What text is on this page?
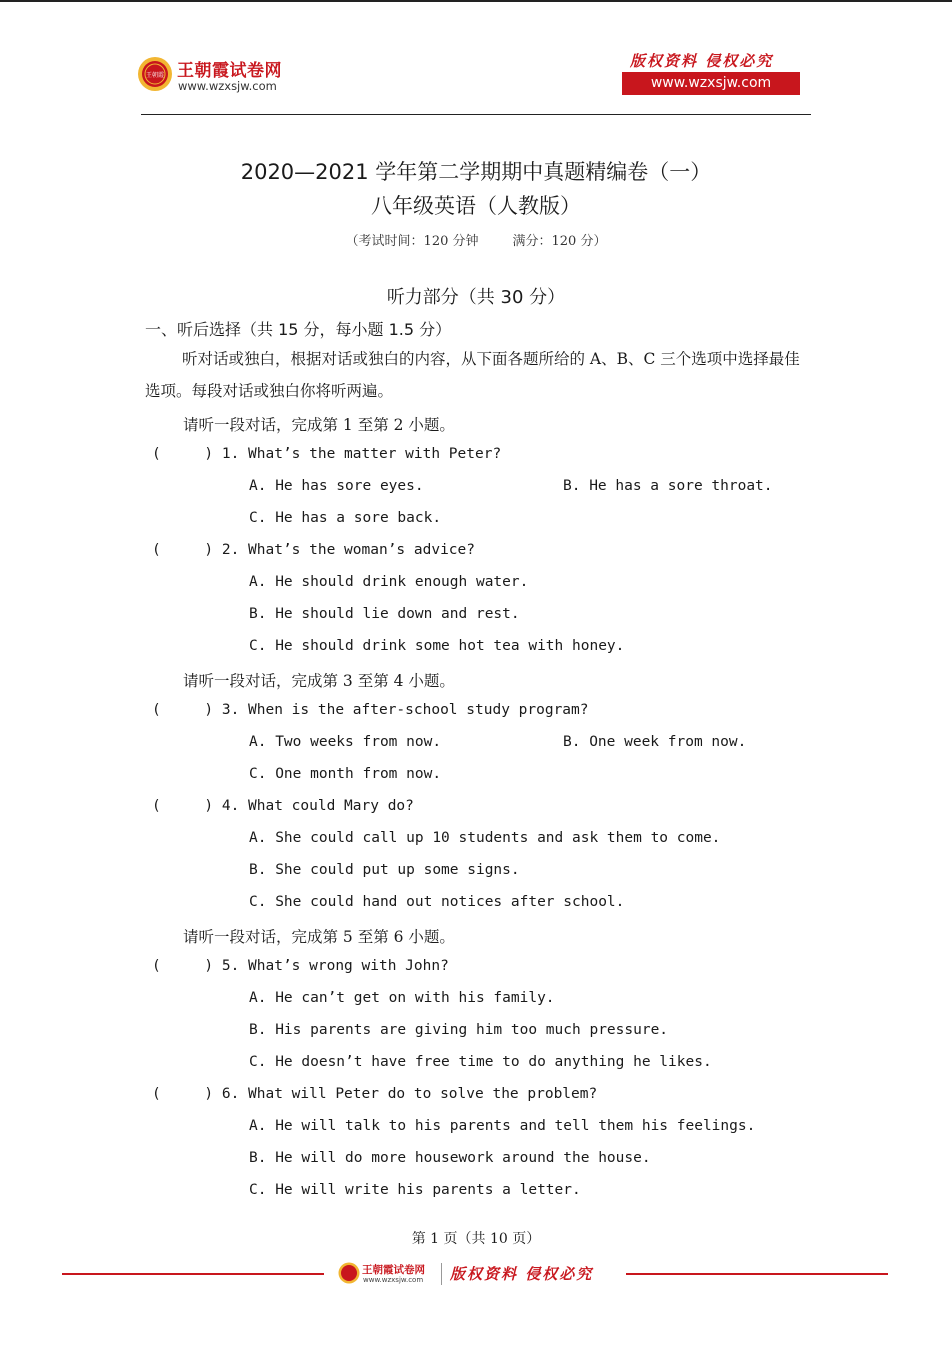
王朝霞 王朝霞试卷网
www.wzxsjw.com
版权资料 侵权必究
www.wzxsjw.com
2020—2021 学年第二学期期中真题精编卷（一）
八年级英语（人教版）
（考试时间：120 分钟	满分：120 分）
听力部分（共 30 分）
一、听后选择（共 15 分，每小题 1.5 分）
听对话或独白，根据对话或独白的内容，从下面各题所给的 A、B、C 三个选项中选择最佳选项。每段对话或独白你将听两遍。
请听一段对话，完成第 1 至第 2 小题。
(     ) 1. What’s the matter with Peter?
A. He has sore eyes.	B. He has a sore throat.
C. He has a sore back.
(     ) 2. What’s the woman’s advice?
A. He should drink enough water.
B. He should lie down and rest.
C. He should drink some hot tea with honey.
请听一段对话，完成第 3 至第 4 小题。
(     ) 3. When is the after-school study program?
A. Two weeks from now.	B. One week from now.
C. One month from now.
(     ) 4. What could Mary do?
A. She could call up 10 students and ask them to come.
B. She could put up some signs.
C. She could hand out notices after school.
请听一段对话，完成第 5 至第 6 小题。
(     ) 5. What’s wrong with John?
A. He can’t get on with his family.
B. His parents are giving him too much pressure.
C. He doesn’t have free time to do anything he likes.
(     ) 6. What will Peter do to solve the problem?
A. He will talk to his parents and tell them his feelings.
B. He will do more housework around the house.
C. He will write his parents a letter.
第 1 页（共 10 页）
王朝霞试卷网
www.wzxsjw.com 版权资料 侵权必究
